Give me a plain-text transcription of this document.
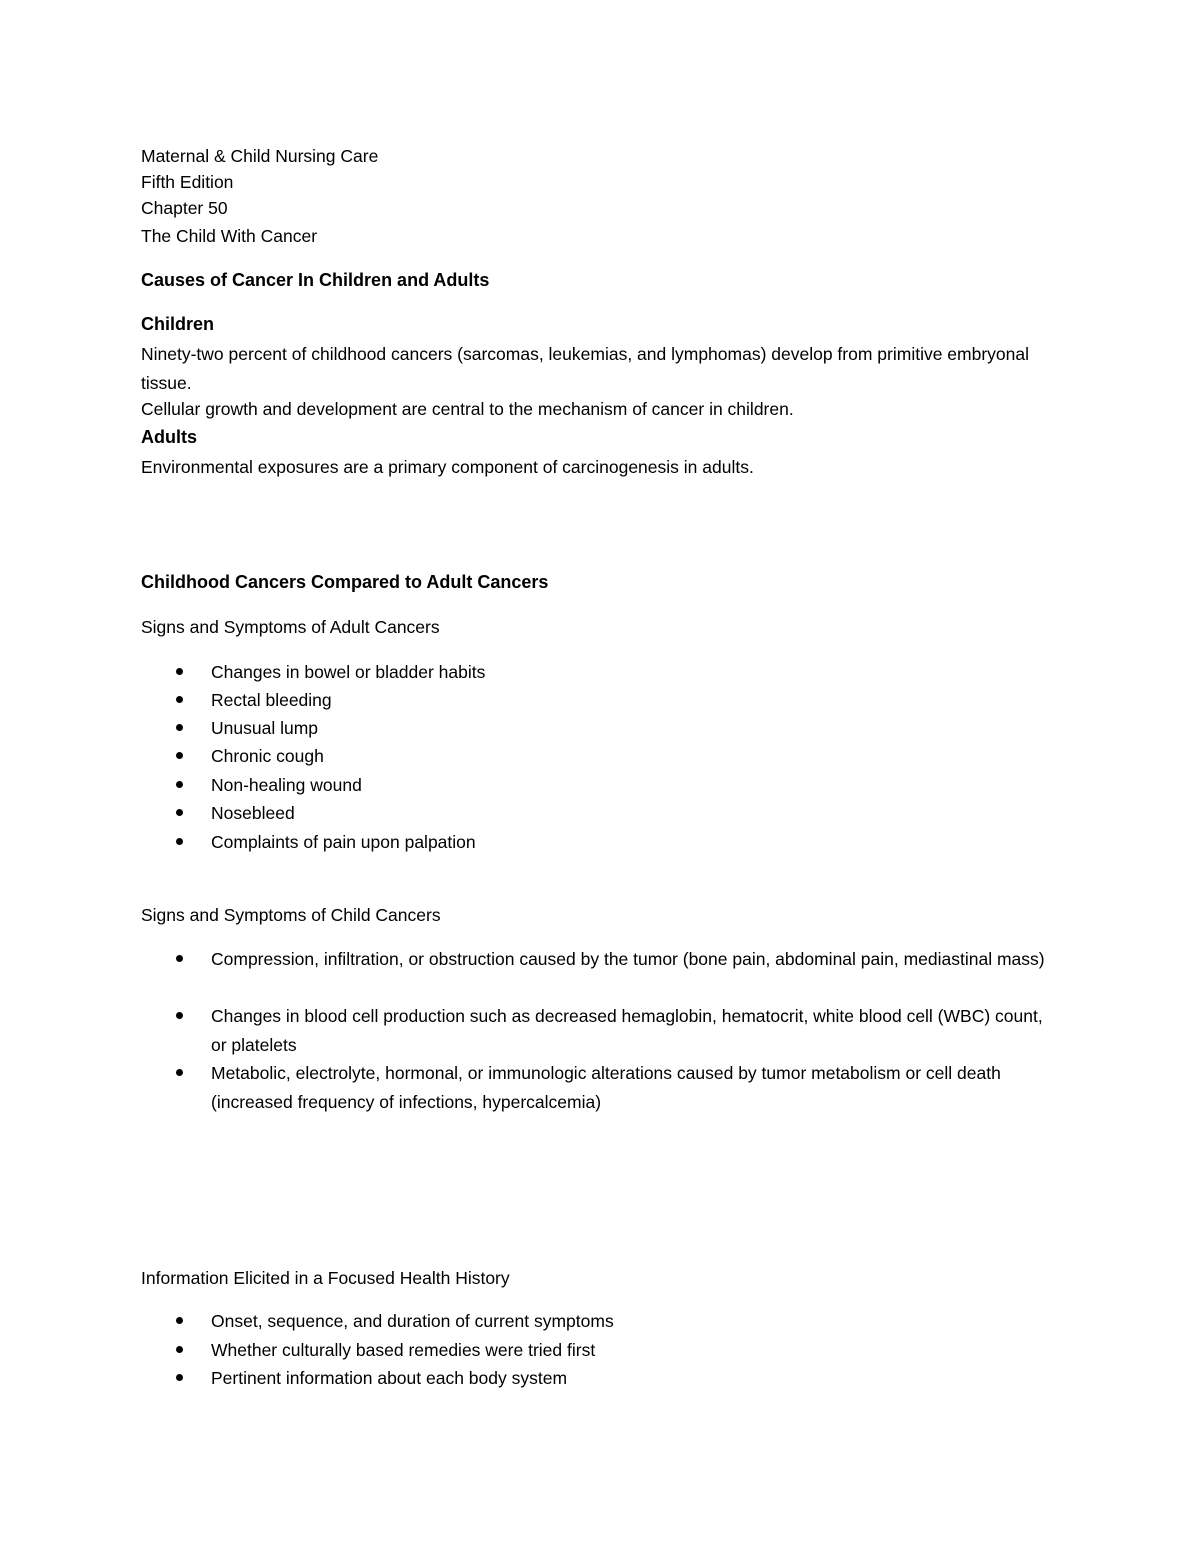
Maternal & Child Nursing Care

Fifth Edition

Chapter 50

The Child With Cancer

Causes of Cancer In Children and Adults

Children

Ninety-two percent of childhood cancers (sarcomas, leukemias, and lymphomas) develop from primitive embryonal tissue.

Cellular growth and development are central to the mechanism of cancer in children.

Adults

Environmental exposures are a primary component of carcinogenesis in adults.

Childhood Cancers Compared to Adult Cancers

Signs and Symptoms of Adult Cancers

Changes in bowel or bladder habits
Rectal bleeding
Unusual lump
Chronic cough
Non-healing wound
Nosebleed
Complaints of pain upon palpation

Signs and Symptoms of Child Cancers

Compression, infiltration, or obstruction caused by the tumor (bone pain, abdominal pain, mediastinal mass)
Changes in blood cell production such as decreased hemaglobin, hematocrit, white blood cell (WBC) count, or platelets
Metabolic, electrolyte, hormonal, or immunologic alterations caused by tumor metabolism or cell death (increased frequency of infections, hypercalcemia)

Information Elicited in a Focused Health History

Onset, sequence, and duration of current symptoms
Whether culturally based remedies were tried first
Pertinent information about each body system
